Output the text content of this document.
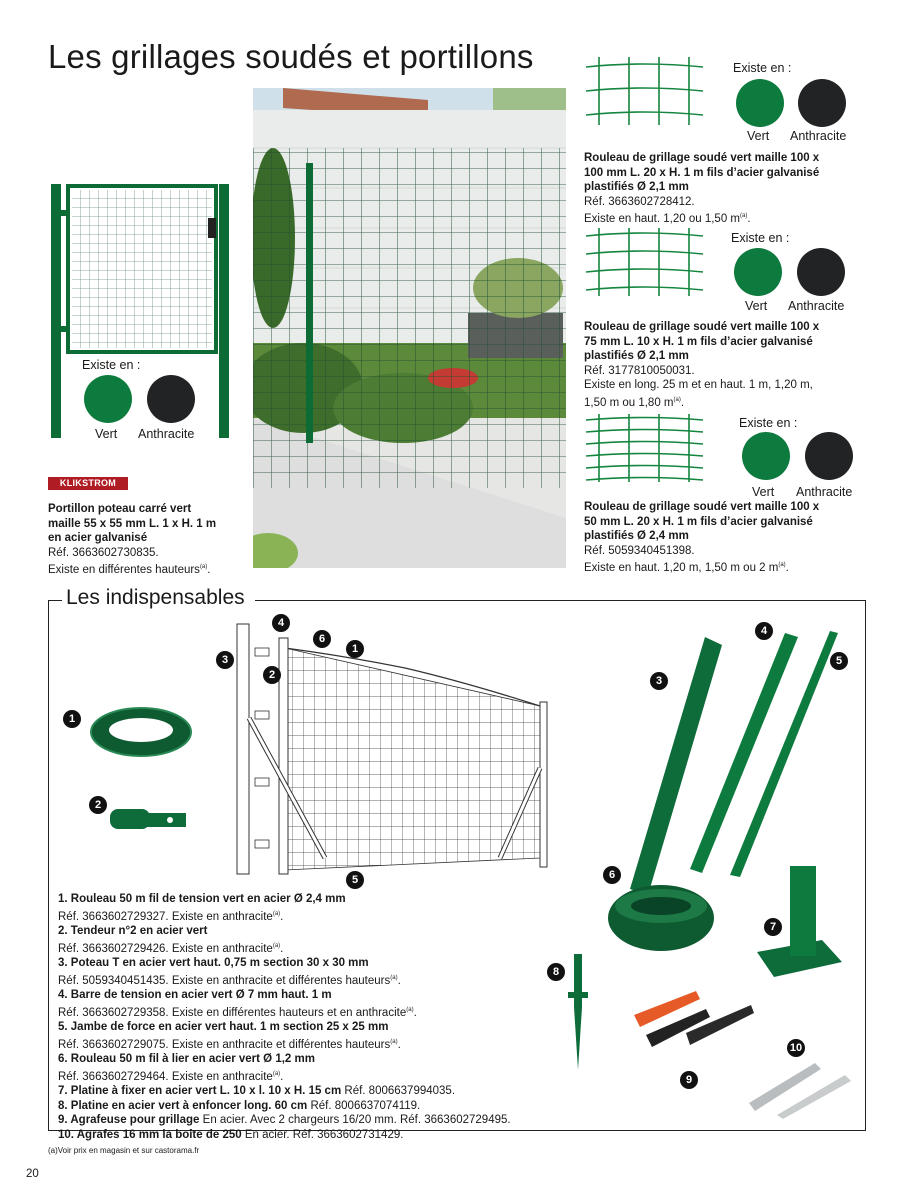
Les grillages soudés et portillons
Existe en :
Vert Anthracite
KLIKSTROM
Portillon poteau carré vert
maille 55 x 55 mm L. 1 x H. 1 m
en acier galvanisé
Réf. 3663602730835.
Existe en différentes hauteurs$^{(a)}$.
Existe en :
Vert Anthracite
Rouleau de grillage soudé vert maille 100 x
100 mm L. 20 x H. 1 m fils d’acier galvanisé
plastifiés Ø 2,1 mm
Réf. 3663602728412.
Existe en haut. 1,20 ou 1,50 $m^{(a)}$.
Existe en :
Vert Anthracite
Rouleau de grillage soudé vert maille 100 x
75 mm L. 10 x H. 1 m fils d’acier galvanisé
plastifiés Ø 2,1 mm
Réf. 3177810050031.
Existe en long. 25 m et en haut. 1 m, 1,20 m,
1,50 m ou 1,80 $m^{(a)}$.
Existe en :
Vert Anthracite
Rouleau de grillage soudé vert maille 100 x
50 mm L. 20 x H. 1 m fils d’acier galvanisé
plastifiés Ø 2,4 mm
Réf. 5059340451398.
Existe en haut. 1,20 m, 1,50 m ou 2 $m^{(a)}$.
Les indispensables
4
6
1
3
2
5
1
2
4
5
3
6
7
8
10
9
1. Rouleau 50 m fil de tension vert en acier Ø 2,4 mm
Réf. 3663602729327. Existe en anthracite$^{(a)}$.
2. Tendeur n°2 en acier vert
Réf. 3663602729426. Existe en anthracite$^{(a)}$.
3. Poteau T en acier vert haut. 0,75 m section 30 x 30 mm
Réf. 5059340451435. Existe en anthracite et différentes hauteurs$^{(a)}$.
4. Barre de tension en acier vert Ø 7 mm haut. 1 m
Réf. 3663602729358. Existe en différentes hauteurs et en anthracite$^{(a)}$.
5. Jambe de force en acier vert haut. 1 m section 25 x 25 mm
Réf. 3663602729075. Existe en anthracite et différentes hauteurs$^{(a)}$.
6. Rouleau 50 m fil à lier en acier vert Ø 1,2 mm
Réf. 3663602729464. Existe en anthracite$^{(a)}$.
7. Platine à fixer en acier vert L. 10 x l. 10 x H. 15 cm Réf. 8006637994035.
8. Platine en acier vert à enfoncer long. 60 cm Réf. 8006637074119.
9. Agrafeuse pour grillage En acier. Avec 2 chargeurs 16/20 mm. Réf. 3663602729495.
10. Agrafes 16 mm la boîte de 250 En acier. Réf. 3663602731429.
(a)Voir prix en magasin et sur castorama.fr
20
